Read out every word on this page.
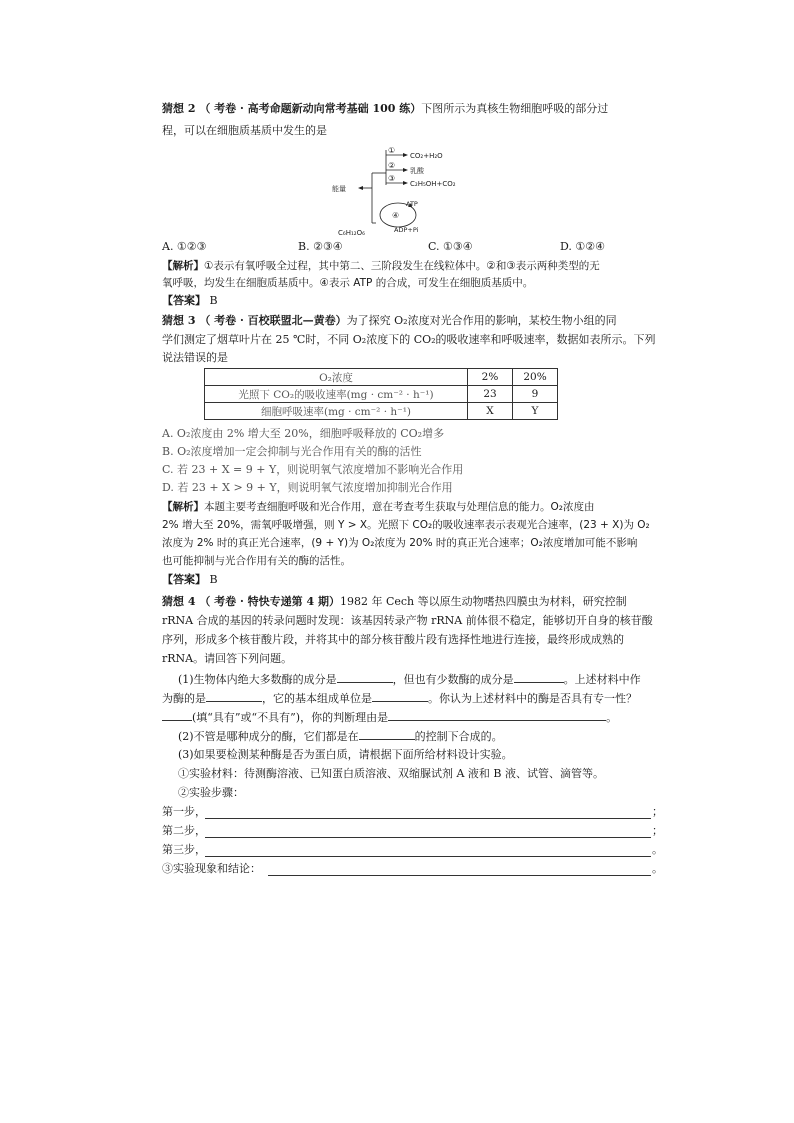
猜想 2 （ 考卷 · 高考命题新动向常考基础 100 练）下图所示为真核生物细胞呼吸的部分过
程，可以在细胞质基质中发生的是
①
②
③
CO₂+H₂O
乳酸
C₂H₅OH+CO₂
能量
C₆H₁₂O₆
ATP
④
ADP+Pi
A. ①②③	B. ②③④	C. ①③④	D. ①②④
【解析】①表示有氧呼吸全过程，其中第二、三阶段发生在线粒体中。②和③表示两种类型的无
氧呼吸，均发生在细胞质基质中。④表示 ATP 的合成，可发生在细胞质基质中。
【答案】 B
猜想 3 （ 考卷 · 百校联盟北—黄卷）为了探究 O₂浓度对光合作用的影响，某校生物小组的同
学们测定了烟草叶片在 25 ℃时，不同 O₂浓度下的 CO₂的吸收速率和呼吸速率，数据如表所示。下列
说法错误的是
O₂浓度	2%	20%
光照下 CO₂的吸收速率(mg · cm⁻² · h⁻¹)	23	9
细胞呼吸速率(mg · cm⁻² · h⁻¹)	X	Y
A. O₂浓度由 2% 增大至 20%，细胞呼吸释放的 CO₂增多
B. O₂浓度增加一定会抑制与光合作用有关的酶的活性
C. 若 23 + X = 9 + Y，则说明氧气浓度增加不影响光合作用
D. 若 23 + X > 9 + Y，则说明氧气浓度增加抑制光合作用
【解析】本题主要考查细胞呼吸和光合作用，意在考查考生获取与处理信息的能力。O₂浓度由
2% 增大至 20%，需氧呼吸增强，则 Y > X。光照下 CO₂的吸收速率表示表观光合速率，(23 + X)为 O₂
浓度为 2% 时的真正光合速率，(9 + Y)为 O₂浓度为 20% 时的真正光合速率；O₂浓度增加可能不影响
也可能抑制与光合作用有关的酶的活性。
【答案】 B
猜想 4 （ 考卷 · 特快专递第 4 期）1982 年 Cech 等以原生动物嗜热四膜虫为材料，研究控制
rRNA 合成的基因的转录问题时发现：该基因转录产物 rRNA 前体很不稳定，能够切开自身的核苷酸
序列，形成多个核苷酸片段，并将其中的部分核苷酸片段有选择性地进行连接，最终形成成熟的
rRNA。请回答下列问题。
(1)生物体内绝大多数酶的成分是	，但也有少数酶的成分是	。上述材料中作
为酶的是	，它的基本组成单位是	。你认为上述材料中的酶是否具有专一性？
(填“具有”或“不具有”)，你的判断理由是	。
(2)不管是哪种成分的酶，它们都是在	的控制下合成的。
(3)如果要检测某种酶是否为蛋白质，请根据下面所给材料设计实验。
①实验材料：待测酶溶液、已知蛋白质溶液、双缩脲试剂 A 液和 B 液、试管、滴管等。
②实验步骤：
第一步，	；
第二步，	；
第三步，	。
③实验现象和结论：	。
